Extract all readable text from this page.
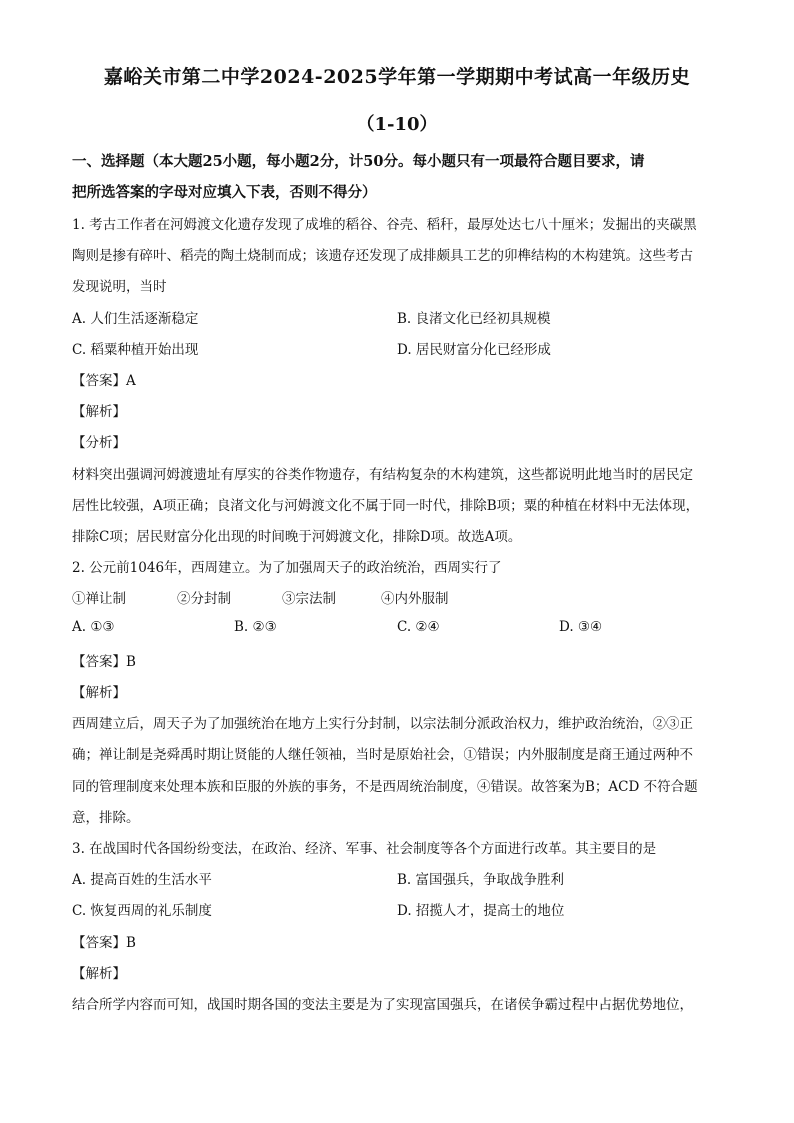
嘉峪关市第二中学2024-2025学年第一学期期中考试高一年级历史
（1-10）
一、选择题（本大题25小题，每小题2分，计50分。每小题只有一项最符合题目要求，请
把所选答案的字母对应填入下表，否则不得分）
1. 考古工作者在河姆渡文化遗存发现了成堆的稻谷、谷壳、稻秆，最厚处达七八十厘米；发掘出的夹碳黑
陶则是掺有碎叶、稻壳的陶土烧制而成；该遗存还发现了成排颇具工艺的卯榫结构的木构建筑。这些考古
发现说明，当时
A. 人们生活逐渐稳定	B. 良渚文化已经初具规模
C. 稻粟种植开始出现	D. 居民财富分化已经形成
【答案】A
【解析】
【分析】
材料突出强调河姆渡遗址有厚实的谷类作物遗存，有结构复杂的木构建筑，这些都说明此地当时的居民定
居性比较强，A项正确；良渚文化与河姆渡文化不属于同一时代，排除B项；粟的种植在材料中无法体现，
排除C项；居民财富分化出现的时间晚于河姆渡文化，排除D项。故选A项。
2. 公元前1046年，西周建立。为了加强周天子的政治统治，西周实行了
①禅让制	②分封制	③宗法制	④内外服制
A. ①③	B. ②③	C. ②④	D. ③④
【答案】B
【解析】
西周建立后，周天子为了加强统治在地方上实行分封制，以宗法制分派政治权力，维护政治统治，②③正
确；禅让制是尧舜禹时期让贤能的人继任领袖，当时是原始社会，①错误；内外服制度是商王通过两种不
同的管理制度来处理本族和臣服的外族的事务，不是西周统治制度，④错误。故答案为B；ACD 不符合题
意，排除。
3. 在战国时代各国纷纷变法，在政治、经济、军事、社会制度等各个方面进行改革。其主要目的是
A. 提高百姓的生活水平	B. 富国强兵，争取战争胜利
C. 恢复西周的礼乐制度	D. 招揽人才，提高士的地位
【答案】B
【解析】
结合所学内容而可知，战国时期各国的变法主要是为了实现富国强兵，在诸侯争霸过程中占据优势地位，
